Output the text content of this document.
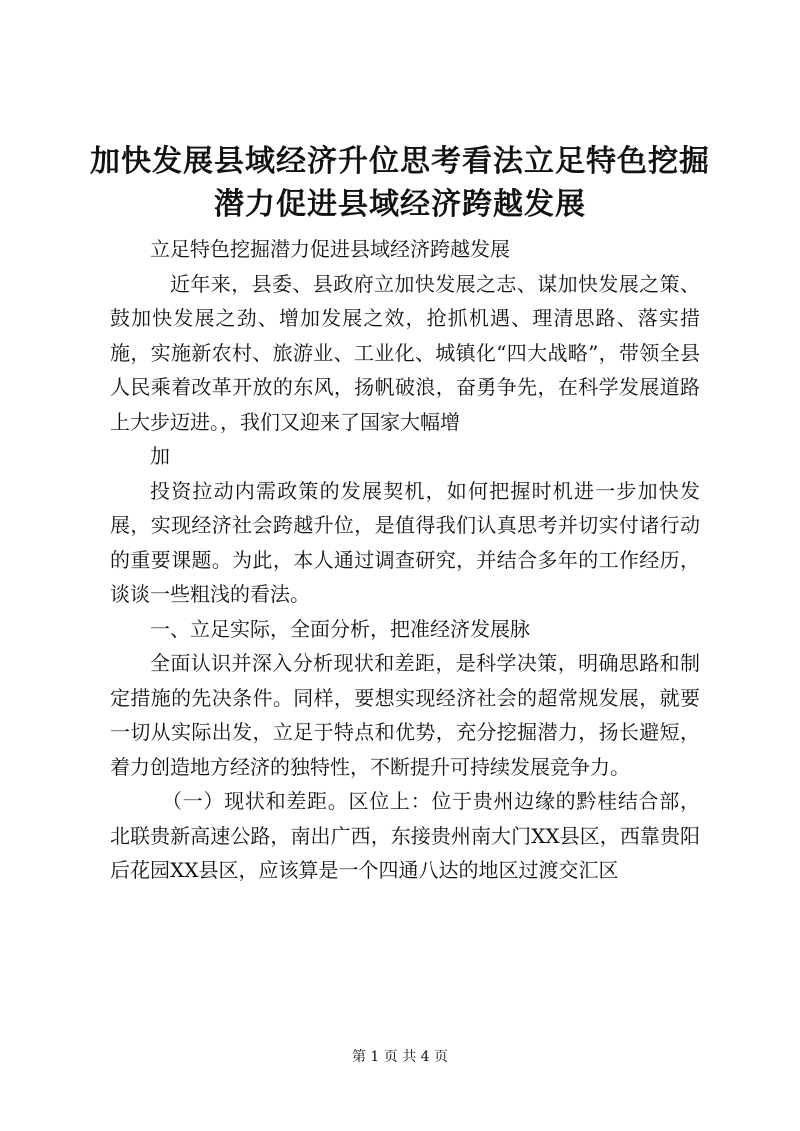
加快发展县域经济升位思考看法立足特色挖掘
潜力促进县域经济跨越发展

立足特色挖掘潜力促进县域经济跨越发展

近年来，县委、县政府立加快发展之志、谋加快发展之策、鼓加快发展之劲、增加发展之效，抢抓机遇、理清思路、落实措施，实施新农村、旅游业、工业化、城镇化“四大战略”，带领全县人民乘着改革开放的东风，扬帆破浪，奋勇争先，在科学发展道路上大步迈进。，我们又迎来了国家大幅增

加

投资拉动内需政策的发展契机，如何把握时机进一步加快发展，实现经济社会跨越升位，是值得我们认真思考并切实付诸行动的重要课题。为此，本人通过调查研究，并结合多年的工作经历，谈谈一些粗浅的看法。

一、立足实际，全面分析，把准经济发展脉

全面认识并深入分析现状和差距，是科学决策，明确思路和制定措施的先决条件。同样，要想实现经济社会的超常规发展，就要一切从实际出发，立足于特点和优势，充分挖掘潜力，扬长避短，着力创造地方经济的独特性，不断提升可持续发展竞争力。

（一）现状和差距。区位上：位于贵州边缘的黔桂结合部，北联贵新高速公路，南出广西，东接贵州南大门XX县区，西靠贵阳后花园XX县区，应该算是一个四通八达的地区过渡交汇区

第 1 页 共 4 页
